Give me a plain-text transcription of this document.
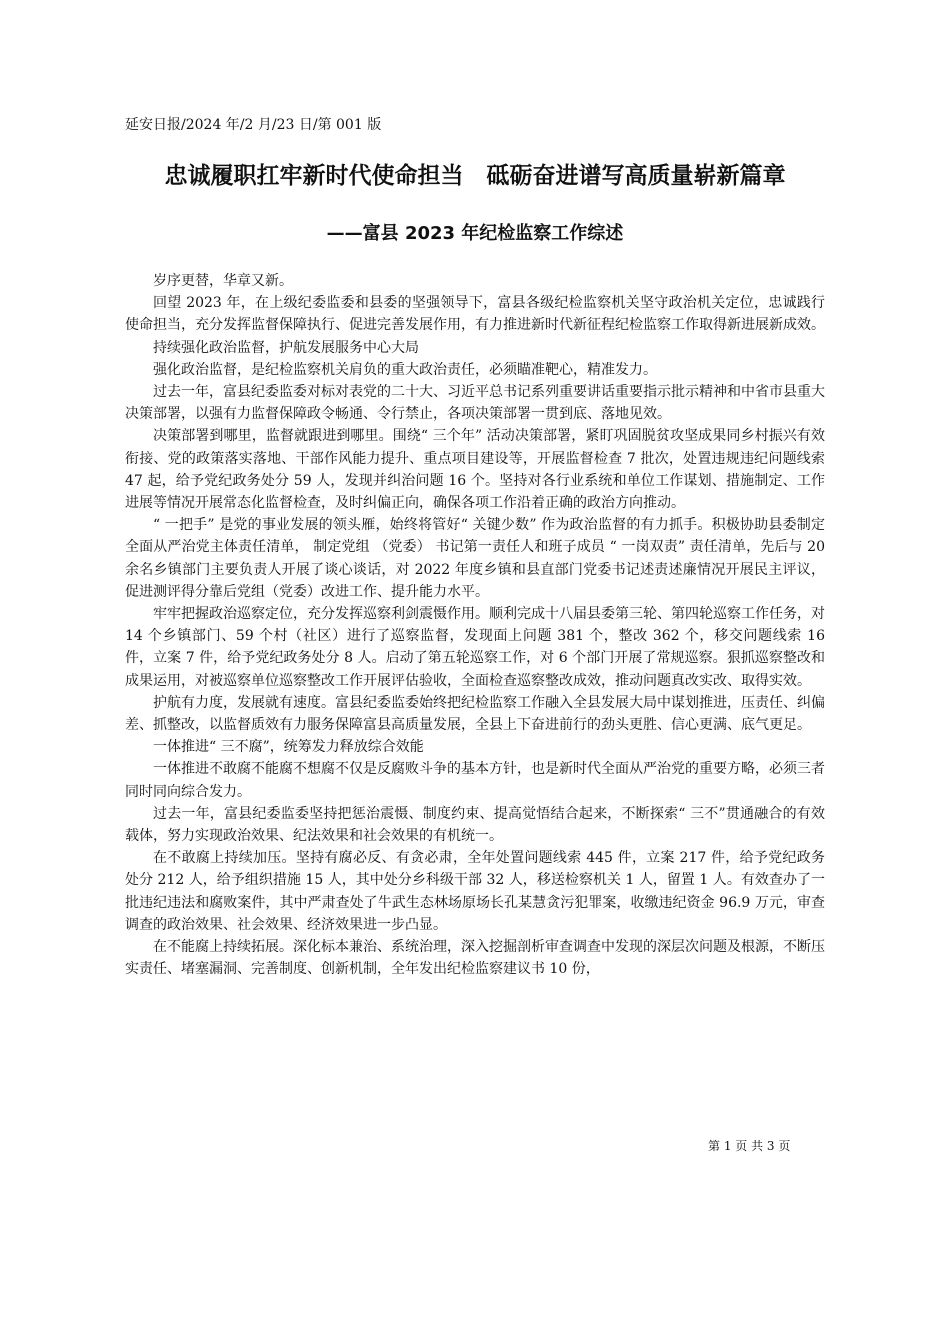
延安日报/2024 年/2 月/23 日/第 001 版
忠诚履职扛牢新时代使命担当　砥砺奋进谱写高质量崭新篇章
——富县 2023 年纪检监察工作综述

岁序更替，华章又新。

回望 2023 年，在上级纪委监委和县委的坚强领导下，富县各级纪检监察机关坚守政治机关定位，忠诚践行使命担当，充分发挥监督保障执行、促进完善发展作用，有力推进新时代新征程纪检监察工作取得新进展新成效。

持续强化政治监督，护航发展服务中心大局

强化政治监督，是纪检监察机关肩负的重大政治责任，必须瞄准靶心，精准发力。

过去一年，富县纪委监委对标对表党的二十大、习近平总书记系列重要讲话重要指示批示精神和中省市县重大决策部署，以强有力监督保障政令畅通、令行禁止，各项决策部署一贯到底、落地见效。

决策部署到哪里，监督就跟进到哪里。围绕“ 三个年” 活动决策部署，紧盯巩固脱贫攻坚成果同乡村振兴有效衔接、党的政策落实落地、干部作风能力提升、重点项目建设等，开展监督检查 7 批次，处置违规违纪问题线索 47 起，给予党纪政务处分 59 人，发现并纠治问题 16 个。坚持对各行业系统和单位工作谋划、措施制定、工作进展等情况开展常态化监督检查，及时纠偏正向，确保各项工作沿着正确的政治方向推动。

“ 一把手” 是党的事业发展的领头雁，始终将管好“ 关键少数” 作为政治监督的有力抓手。积极协助县委制定全面从严治党主体责任清单， 制定党组 （党委） 书记第一责任人和班子成员 “ 一岗双责” 责任清单，先后与 20 余名乡镇部门主要负责人开展了谈心谈话，对 2022 年度乡镇和县直部门党委书记述责述廉情况开展民主评议，促进测评得分靠后党组（党委）改进工作、提升能力水平。

牢牢把握政治巡察定位，充分发挥巡察利剑震慑作用。顺利完成十八届县委第三轮、第四轮巡察工作任务，对 14 个乡镇部门、59 个村（社区）进行了巡察监督，发现面上问题 381 个，整改 362 个，移交问题线索 16 件，立案 7 件，给予党纪政务处分 8 人。启动了第五轮巡察工作，对 6 个部门开展了常规巡察。狠抓巡察整改和成果运用，对被巡察单位巡察整改工作开展评估验收，全面检查巡察整改成效，推动问题真改实改、取得实效。

护航有力度，发展就有速度。富县纪委监委始终把纪检监察工作融入全县发展大局中谋划推进，压责任、纠偏差、抓整改，以监督质效有力服务保障富县高质量发展，全县上下奋进前行的劲头更胜、信心更满、底气更足。

一体推进“ 三不腐”，统筹发力释放综合效能

一体推进不敢腐不能腐不想腐不仅是反腐败斗争的基本方针，也是新时代全面从严治党的重要方略，必须三者同时同向综合发力。

过去一年，富县纪委监委坚持把惩治震慑、制度约束、提高觉悟结合起来，不断探索“ 三不”贯通融合的有效载体，努力实现政治效果、纪法效果和社会效果的有机统一。

在不敢腐上持续加压。坚持有腐必反、有贪必肃，全年处置问题线索 445 件，立案 217 件，给予党纪政务处分 212 人，给予组织措施 15 人，其中处分乡科级干部 32 人，移送检察机关 1 人，留置 1 人。有效查办了一批违纪违法和腐败案件，其中严肃查处了牛武生态林场原场长孔某慧贪污犯罪案，收缴违纪资金 96.9 万元，审查调查的政治效果、社会效果、经济效果进一步凸显。

在不能腐上持续拓展。深化标本兼治、系统治理，深入挖掘剖析审查调查中发现的深层次问题及根源，不断压实责任、堵塞漏洞、完善制度、创新机制，全年发出纪检监察建议书 10 份，

第 1 页 共 3 页
